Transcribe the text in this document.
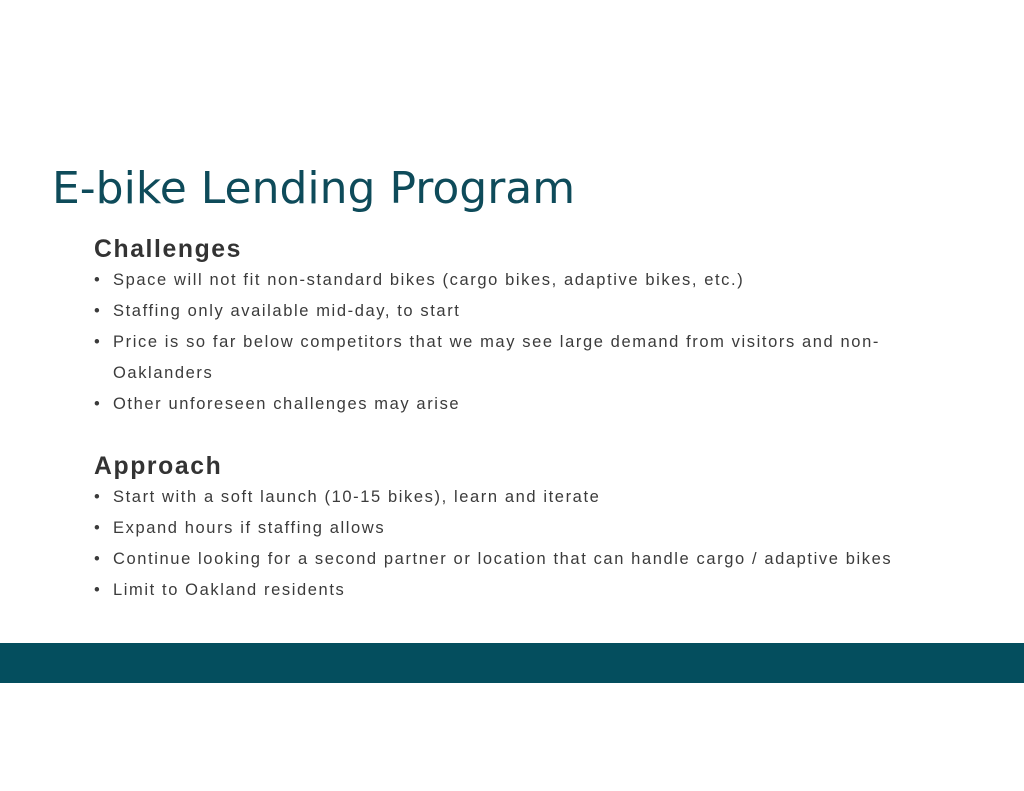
E-bike Lending Program
Challenges
• Space will not fit non-standard bikes (cargo bikes, adaptive bikes, etc.)
• Staffing only available mid-day, to start
• Price is so far below competitors that we may see large demand from visitors and non-Oaklanders
• Other unforeseen challenges may arise
Approach
• Start with a soft launch (10-15 bikes), learn and iterate
• Expand hours if staffing allows
• Continue looking for a second partner or location that can handle cargo / adaptive bikes
• Limit to Oakland residents
